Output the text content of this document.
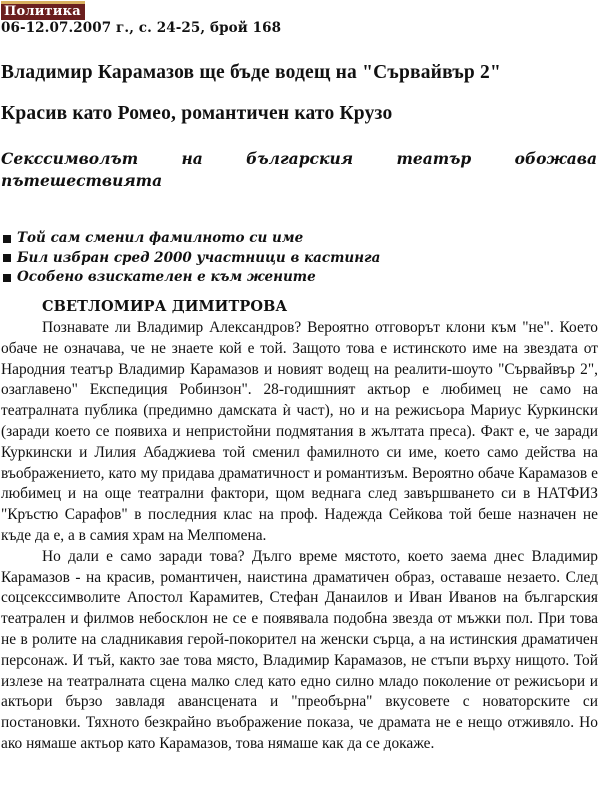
Политика
06-12.07.2007 г., с. 24-25, брой 168
Владимир Карамазов ще бъде водещ на "Сървайвър 2"
Красив като Ромео, романтичен като Крузо
Сексcимволът	на	българския	театър	обожава
пътешествията
Той сам сменил фамилното си име
Бил избран сред 2000 участници в кастинга
Особено взискателен е към жените
СВЕТЛОМИРА ДИМИТРОВА

Познавате ли Владимир Александров? Вероятно отговорът клони към "не". Което обаче не означава, че не знаете кой е той. Защото това е истинското име на звездата от Народния театър Владимир Карамазов и новият водещ на реалити-шоуто "Сървайвър 2", озаглавено" Експедиция Робинзон". 28-годишният актьор е любимец не само на театралната публика (предимно дамската ѝ част), но и на режисьора Мариус Куркински (заради което се появиха и непристойни подмятания в жълтата преса). Факт е, че заради Куркински и Лилия Абаджиева той сменил фамилното си име, което само действа на въображението, като му придава драматичност и романтизъм. Вероятно обаче Карамазов е любимец и на още театрални фактори, щом веднага след завършването си в НАТФИЗ "Кръстю Сарафов" в последния клас на проф. Надежда Сейкова той беше назначен не къде да е, а в самия храм на Мелпомена.

Но дали е само заради това? Дълго време мястото, което заема днес Владимир Карамазов - на красив, романтичен, наистина драматичен образ, оставаше незаето. След соцсекссимволите Апостол Карамитев, Стефан Данаилов и Иван Иванов на българския театрален и филмов небосклон не се е появявала подобна звезда от мъжки пол. При това не в ролите на сладникавия герой-покорител на женски сърца, а на истинския драматичен персонаж. И тъй, както зае това място, Владимир Карамазов, не стъпи върху нищото. Той излезе на театралната сцена малко след като едно силно младо поколение от режисьори и актьори бързо завладя авансцената и "преобърна" вкусовете с новаторските си постановки. Тяхното безкрайно въображение показа, че драмата не е нещо отживяло. Но ако нямаше актьор като Карамазов, това нямаше как да се докаже.
